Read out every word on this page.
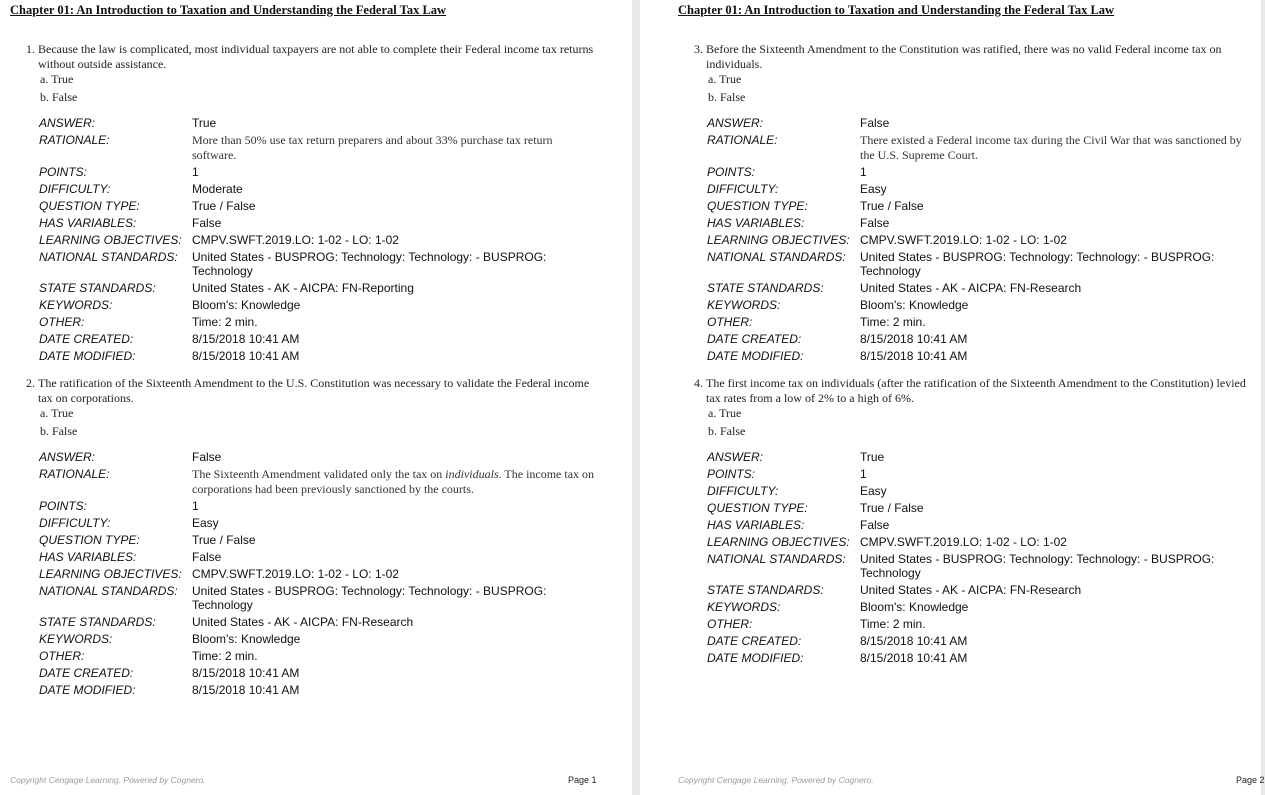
Chapter 01: An Introduction to Taxation and Understanding the Federal Tax Law
1. Because the law is complicated, most individual taxpayers are not able to complete their Federal income tax returns without outside assistance.
a. True
b. False
ANSWER:	True
RATIONALE:	More than 50% use tax return preparers and about 33% purchase tax return software.
POINTS:	1
DIFFICULTY:	Moderate
QUESTION TYPE:	True / False
HAS VARIABLES:	False
LEARNING OBJECTIVES: CMPV.SWFT.2019.LO: 1-02 - LO: 1-02
NATIONAL STANDARDS:	United States - BUSPROG: Technology: Technology: - BUSPROG: Technology
STATE STANDARDS:	United States - AK - AICPA: FN-Reporting
KEYWORDS:	Bloom's: Knowledge
OTHER:	Time: 2 min.
DATE CREATED:	8/15/2018 10:41 AM
DATE MODIFIED:	8/15/2018 10:41 AM
2. The ratification of the Sixteenth Amendment to the U.S. Constitution was necessary to validate the Federal income tax on corporations.
a. True
b. False
ANSWER:	False
RATIONALE:	The Sixteenth Amendment validated only the tax on individuals. The income tax on corporations had been previously sanctioned by the courts.
POINTS:	1
DIFFICULTY:	Easy
QUESTION TYPE:	True / False
HAS VARIABLES:	False
LEARNING OBJECTIVES: CMPV.SWFT.2019.LO: 1-02 - LO: 1-02
NATIONAL STANDARDS:	United States - BUSPROG: Technology: Technology: - BUSPROG: Technology
STATE STANDARDS:	United States - AK - AICPA: FN-Research
KEYWORDS:	Bloom's: Knowledge
OTHER:	Time: 2 min.
DATE CREATED:	8/15/2018 10:41 AM
DATE MODIFIED:	8/15/2018 10:41 AM
Copyright Cengage Learning. Powered by Cognero.	Page 1
Chapter 01: An Introduction to Taxation and Understanding the Federal Tax Law
3. Before the Sixteenth Amendment to the Constitution was ratified, there was no valid Federal income tax on individuals.
a. True
b. False
ANSWER:	False
RATIONALE:	There existed a Federal income tax during the Civil War that was sanctioned by the U.S. Supreme Court.
POINTS:	1
DIFFICULTY:	Easy
QUESTION TYPE:	True / False
HAS VARIABLES:	False
LEARNING OBJECTIVES: CMPV.SWFT.2019.LO: 1-02 - LO: 1-02
NATIONAL STANDARDS:	United States - BUSPROG: Technology: Technology: - BUSPROG: Technology
STATE STANDARDS:	United States - AK - AICPA: FN-Research
KEYWORDS:	Bloom's: Knowledge
OTHER:	Time: 2 min.
DATE CREATED:	8/15/2018 10:41 AM
DATE MODIFIED:	8/15/2018 10:41 AM
4. The first income tax on individuals (after the ratification of the Sixteenth Amendment to the Constitution) levied tax rates from a low of 2% to a high of 6%.
a. True
b. False
ANSWER:	True
POINTS:	1
DIFFICULTY:	Easy
QUESTION TYPE:	True / False
HAS VARIABLES:	False
LEARNING OBJECTIVES: CMPV.SWFT.2019.LO: 1-02 - LO: 1-02
NATIONAL STANDARDS:	United States - BUSPROG: Technology: Technology: - BUSPROG: Technology
STATE STANDARDS:	United States - AK - AICPA: FN-Research
KEYWORDS:	Bloom's: Knowledge
OTHER:	Time: 2 min.
DATE CREATED:	8/15/2018 10:41 AM
DATE MODIFIED:	8/15/2018 10:41 AM
Copyright Cengage Learning. Powered by Cognero.	Page 2
